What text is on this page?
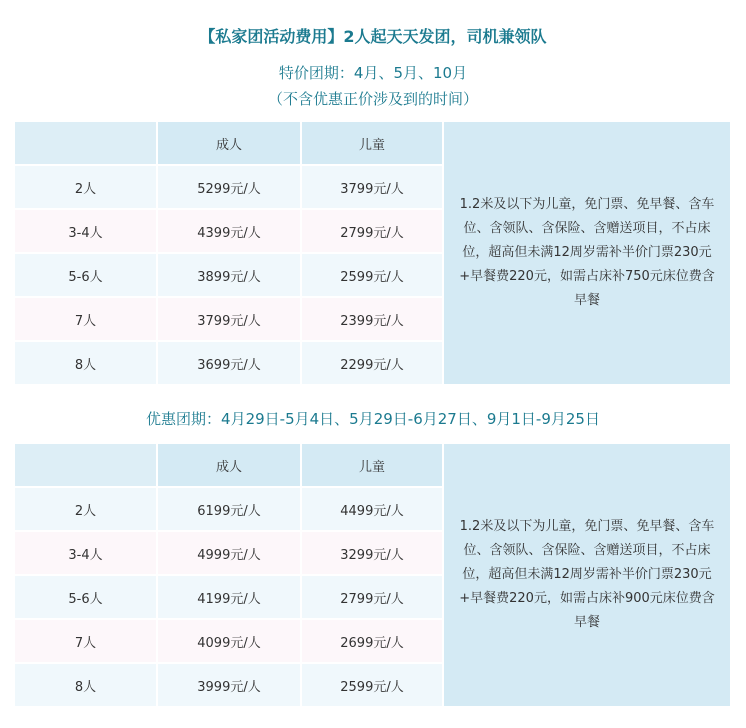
【私家团活动费用】2人起天天发团，司机兼领队
特价团期：4月、5月、10月
（不含优惠正价涉及到的时间）
	成人	儿童	1.2米及以下为儿童，免门票、免早餐、含车位、含领队、含保险、含赠送项目，不占床位，超高但未满12周岁需补半价门票230元+早餐费220元，如需占床补750元床位费含早餐
2人	5299元/人	3799元/人	
3-4人	4399元/人	2799元/人	
5-6人	3899元/人	2599元/人	
7人	3799元/人	2399元/人	
8人	3699元/人	2299元/人	
优惠团期：4月29日-5月4日、5月29日-6月27日、9月1日-9月25日
	成人	儿童	1.2米及以下为儿童，免门票、免早餐、含车位、含领队、含保险、含赠送项目，不占床位，超高但未满12周岁需补半价门票230元+早餐费220元，如需占床补900元床位费含早餐
2人	6199元/人	4499元/人	
3-4人	4999元/人	3299元/人	
5-6人	4199元/人	2799元/人	
7人	4099元/人	2699元/人	
8人	3999元/人	2599元/人	
